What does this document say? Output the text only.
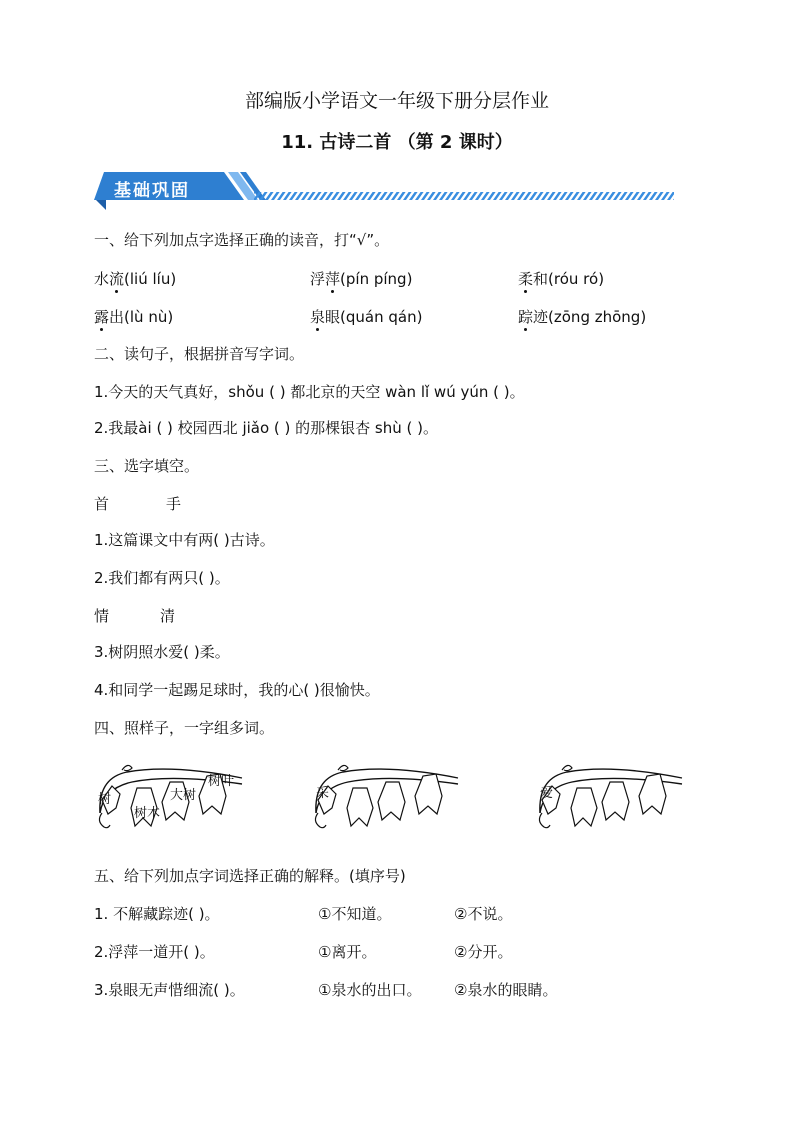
部编版小学语文一年级下册分层作业
11. 古诗二首 （第 2 课时）
基础巩固
一、给下列加点字选择正确的读音，打“√”。
水流(liú líu)	浮萍(pín píng)	柔和(róu ró)
露出(lù nù)	泉眼(quán qán)	踪迹(zōng zhōng)
二、读句子，根据拼音写字词。
1.今天的天气真好，shǒu ( ) 都北京的天空 wàn lǐ wú yún ( )。
2.我最ài ( ) 校园西北 jiǎo ( ) 的那棵银杏 shù ( )。
三、选字填空。
首	手
1.这篇课文中有两( )古诗。
2.我们都有两只( )。
情	清
3.树阴照水爱( )柔。
4.和同学一起踢足球时，我的心( )很愉快。
四、照样子，一字组多词。
树
树木
大树
树叶
采	爱
五、给下列加点字词选择正确的解释。(填序号)
1. 不解藏踪迹( )。	①不知道。	②不说。
2.浮萍一道开( )。	①离开。	②分开。
3.泉眼无声惜细流( )。	①泉水的出口。 ②泉水的眼睛。
